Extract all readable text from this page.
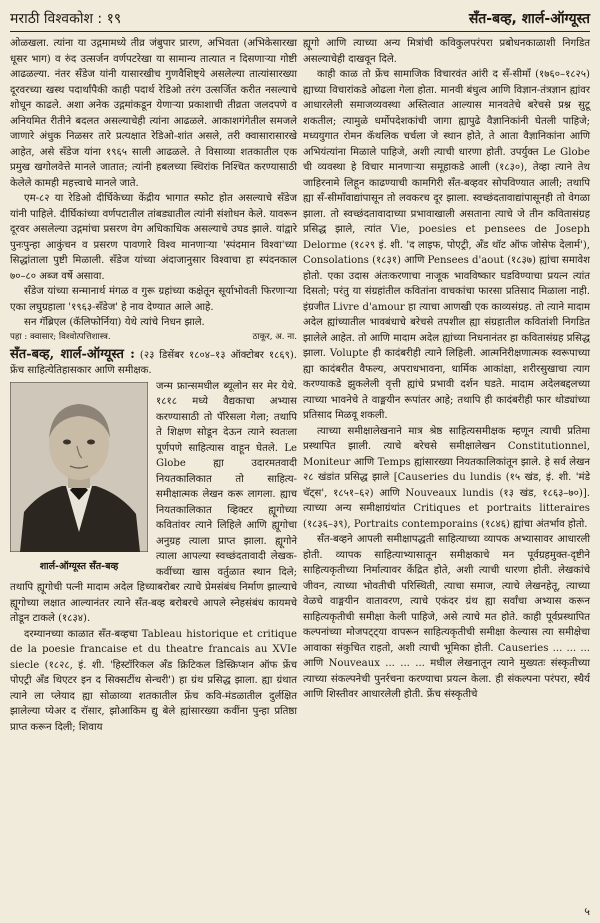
मराठी विश्वकोश : १९	सँत-बव्ह, शार्ल-ऑग्यूस्त

ओळखला. त्यांना या उद्गमामध्ये तीव्र जंबुपार प्रारण, अभिवता (अभिकेसारखा धूसर भाग) व रुंद उत्सर्जन वर्णपटरेखा या सामान्य तात्यात न दिसणाऱ्या गोष्टी आढळल्या. नंतर सँडेज यांनी यासारखीच गुणवैशिष्ट्ये असलेल्या तात्यांसारख्या दूरवरच्या खस्थ पदार्थांपैकी काही पदार्थ रेडिओ तरंग उत्सर्जित करीत नसल्याचे शोधून काढले. अशा अनेक उद्गमांकडून येणाऱ्या प्रकाशाची तीव्रता जलदपणे व अनियमित रीतीने बदलत असल्याचेही त्यांना आढळले. आकाशगंगेतील समजले जाणारे अंधुक निळसर तारे प्रत्यक्षात रेडिओ-शांत असले, तरी क्वासारासारखे आहेत, असे सँडेज यांना १९६५ साली आढळले. ते विसाव्या शतकातील एक प्रमुख खगोलवेत्ते मानले जातात; त्यांनी हबलच्या स्थिरांक निश्चित करण्यासाठी केलेले कामही महत्त्वाचे मानले जाते.

एम-८२ या रेडिओ दीर्घिकेच्या केंद्रीय भागात स्फोट होत असल्याचे सँडेज यांनी पाहिले. दीर्घिकांच्या वर्णपटातील तांबड्यातील त्यांनी संशोधन केले. यावरून दूरवर असलेल्या उद्गमांचा प्रसरण वेग अधिकाधिक असल्याचे उघड झाले. यांद्वारे पुनःपुन्हा आकुंचन व प्रसरण पावणारे विश्व मानणाऱ्या 'स्पंदमान विश्वा'च्या सिद्धांताला पुष्टी मिळाली. सँडेज यांच्या अंदाजानुसार विश्वाचा हा स्पंदनकाल ७०–८० अब्ज वर्षे असावा.

सँडेज यांच्या सन्मानार्थ मंगळ व गुरू ग्रहांच्या कक्षेतून सूर्याभोवती फिरणाऱ्या एका लघुग्रहाला '१९६३-सँडेज' हे नाव देण्यात आले आहे.

सन गॅब्रिएल (कॅलिफोर्निया) येथे त्यांचे निधन झाले.

पहा : क्वासार; विश्वोत्पत्तिशास्त्र.	ठाकूर, अ. ना.

सँत-बव्ह, शार्ल-ऑग्यूस्त : (२३ डिसेंबर १८०४–१३ ऑक्टोबर १८६९). फ्रेंच साहित्येतिहासकार आणि समीक्षक.

शार्ल-ऑग्यूस्त सँत-बव्ह

जन्म फ्रान्समधील ब्यूलोन सर मेर येथे. १८१८ मध्ये वैद्यकाचा अभ्यास करण्यासाठी तो पॅरिसला गेला; तथापि ते शिक्षण सोडून देऊन त्याने स्वतःला पूर्णपणे साहित्यास वाहून घेतले. Le Globe ह्या उदारमतवादी नियतकालिकात तो साहित्य-समीक्षात्मक लेखन करू लागला. ह्याच नियतकालिकात व्हिक्टर ह्यूगोच्या कवितांवर त्याने लिहिले आणि ह्यूगोचा अनुग्रह त्याला प्राप्त झाला. ह्यूगोने त्याला आपल्या स्वच्छंदतावादी लेखक-कवींच्या खास वर्तुळात स्थान दिले; तथापि ह्यूगोची पत्नी मादाम अदेल हिच्याबरोबर त्याचे प्रेमसंबंध निर्माण झाल्याचे ह्यूगोच्या लक्षात आल्यानंतर त्याने सँत-बव्ह बरोबरचे आपले स्नेहसंबंध कायमचे तोडून टाकले (१८३४).

दरम्यानच्या काळात सँत-बव्हचा Tableau historique et critique de la poesie francaise et du theatre francais au XVIe siecle (१८२८, इं. शी. 'हिस्टॉरिकल अँड क्रिटिकल डिस्क्रिप्शन ऑफ फ्रेंच पोएट्री अँड थिएटर इन द सिक्सटींथ सेन्चरी') हा ग्रंथ प्रसिद्ध झाला. ह्या ग्रंथात त्याने ला प्लेयाद ह्या सोळाव्या शतकातील फ्रेंच कवि-मंडळातील दुर्लक्षित झालेल्या प्येअर द रॉसार, झोआकिम द्यु बेले ह्यांसारख्या कवींना पुन्हा प्रतिष्ठा प्राप्त करून दिली; शिवाय

ह्यूगो आणि त्याच्या अन्य मित्रांची कविकुलपरंपरा प्रबोधनकाळाशी निगडित असल्याचेही दाखवून दिले.

काही काळ तो फ्रेंच सामाजिक विचारवंत आंरी द सँ-सीमाँ (१७६०–१८२५) ह्याच्या विचारांकडे ओढला गेला होता. मानवी बंधुत्व आणि विज्ञान-तंत्रज्ञान ह्यांवर आधारलेली समाजव्यवस्था अस्तित्वात आल्यास मानवतेचे बरेचसे प्रश्न सुटू शकतील; त्यामुळे धर्मोपदेशकांची जागा ह्यापुढे वैज्ञानिकांनी घेतली पाहिजे; मध्ययुगात रोमन कॅथलिक चर्चला जे स्थान होते, ते आता वैज्ञानिकांना आणि अभियंत्यांना मिळाले पाहिजे, अशी त्याची धारणा होती. उपर्युक्त Le Globe ची व्यवस्था हे विचार मानणाऱ्या समूहाकडे आली (१८३०), तेव्हा त्याने तेथ जाहिरनामे लिहून काढण्याची कामगिरी सँत-बव्हवर सोपविण्यात आली; तथापि ह्या सँ-सीमाँवाद्यांपासून तो लवकरच दूर झाला. स्वच्छंदतावाद्यांपासूनही तो वेगळा झाला. तो स्वच्छंदतावादाच्या प्रभावाखाली असताना त्याचे जे तीन कवितासंग्रह प्रसिद्ध झाले, त्यांत Vie, poesies et pensees de Joseph Delorme (१८२९ इं. शी. 'द लाइफ, पोएट्री, अँड थॉट ऑफ जोसेफ देलार्म'), Consolations (१८३१) आणि Pensees d'aout (१८३७) ह्यांचा समावेश होतो. एका उदास अंतःकरणाचा नाजूक भावविष्कार घडविण्याचा प्रयत्न त्यांत दिसतो; परंतु या संग्रहांतील कवितांना वाचकांचा फारसा प्रतिसाद मिळाला नाही. इंग्रजीत Livre d'amour हा त्याचा आणखी एक काव्यसंग्रह. तो त्याने मादाम अदेल ह्यांच्यातील भावबंधाचे बरेचसे तपशील ह्या संग्रहातील कवितांशी निगडित झालेले आहेत. तो आणि मादाम अदेल ह्यांच्या निधनानंतर हा कवितासंग्रह प्रसिद्ध झाला. Volupte ही कादंबरीही त्याने लिहिली. आत्मनिरीक्षणात्मक स्वरूपाच्या ह्या कादंबरीत वैफल्य, अपराधभावना, धार्मिक आकांक्षा, शरीरसुखाचा त्याग करण्याकडे झुकलेली वृत्ती ह्यांचे प्रभावी दर्शन घडते. मादाम अदेलबद्दलच्या त्याच्या भावनेचे ते वाङ्मयीन रूपांतर आहे; तथापि ही कादंबरीही फार थोड्यांच्या प्रतिसाद मिळवू शकली.

त्याच्या समीक्षालेखनाने मात्र श्रेष्ठ साहित्यसमीक्षक म्हणून त्याची प्रतिमा प्रस्थापित झाली. त्याचे बरेचसे समीक्षालेखन Constitutionnel, Moniteur आणि Temps ह्यांसारख्या नियतकालिकांतून झाले. हे सर्व लेखन २८ खंडांत प्रसिद्ध झाले [Causeries du lundis (१५ खंड, इं. शी. 'मंडे चॅट्स', १८५१–६२) आणि Nouveaux lundis (१३ खंड, १८६३–७०)]. त्याच्या अन्य समीक्षाग्रंथांत Critiques et portraits litteraires (१८३६–३९), Portraits contemporains (१८४६) ह्यांचा अंतर्भाव होतो.

सँत-बव्हने आपली समीक्षापद्धती साहित्याच्या व्यापक अभ्यासावर आधारली होती. व्यापक साहित्याभ्यासातून समीक्षकाचे मन पूर्वग्रहमुक्त-दृष्टीने साहित्यकृतीच्या निर्मात्यावर केंद्रित होते, अशी त्याची धारणा होती. लेखकांचे जीवन, त्याच्या भोवतीची परिस्थिती, त्याचा समाज, त्याचे लेखनहेतू, त्याच्या वेळचे वाङ्मयीन वातावरण, त्याचे एकंदर ग्रंथ ह्या सर्वांचा अभ्यास करून साहित्यकृतीची समीक्षा केली पाहिजे, असे त्याचे मत होते. काही पूर्वप्रस्थापित कल्पनांच्या मोजपट्ट्या वापरून साहित्यकृतीची समीक्षा केल्यास त्या समीक्षेचा आवाका संकुचित राहतो, अशी त्याची भूमिका होती. Causeries ... ... ... आणि Nouveaux ... ... ... मधील लेखनातून त्याने मुख्यतः संस्कृतीच्या त्याच्या संकल्पनेची पुनर्रचना करण्याचा प्रयत्न केला. ही संकल्पना परंपरा, स्थैर्य आणि शिस्तीवर आधारलेली होती. फ्रेंच संस्कृतीचे

५
